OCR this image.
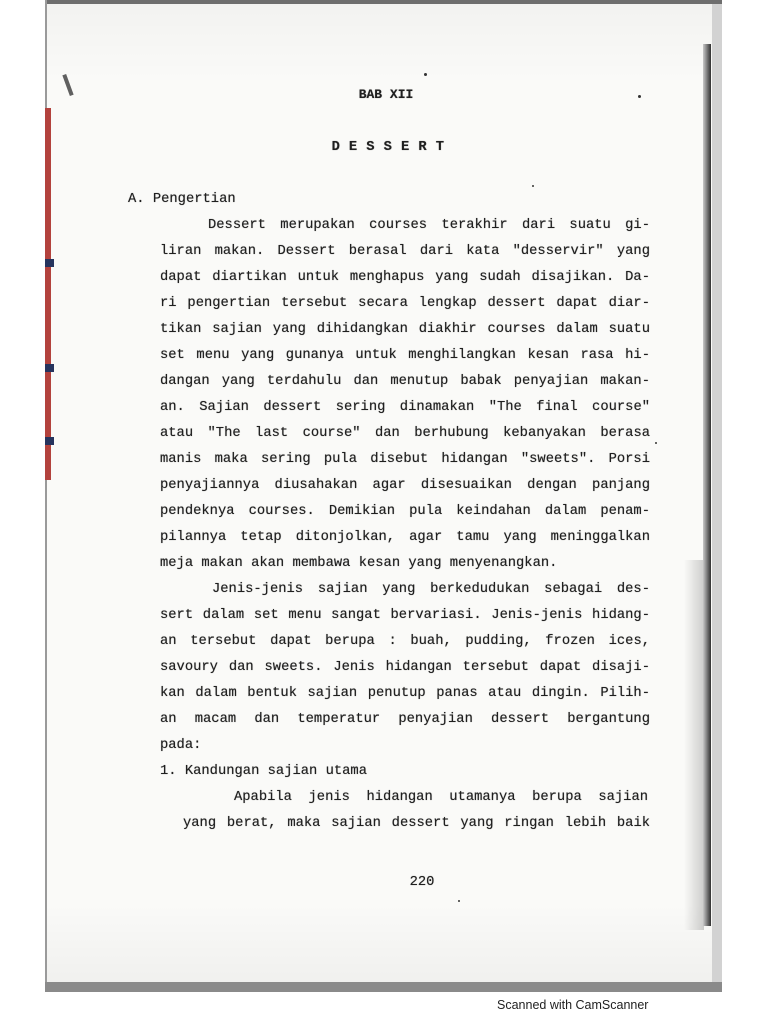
BAB XII
D E S S E R T
A. Pengertian
Dessert merupakan courses terakhir dari suatu gi-
liran makan. Dessert berasal dari kata "desservir" yang
dapat diartikan untuk menghapus yang sudah disajikan. Da-
ri pengertian tersebut secara lengkap dessert dapat diar-
tikan sajian yang dihidangkan diakhir courses dalam suatu
set menu yang gunanya untuk menghilangkan kesan rasa hi-
dangan yang terdahulu dan menutup babak penyajian makan-
an. Sajian dessert sering dinamakan "The final course"
atau "The last course" dan berhubung kebanyakan berasa
manis maka sering pula disebut hidangan "sweets". Porsi
penyajiannya diusahakan agar disesuaikan dengan panjang
pendeknya courses. Demikian pula keindahan dalam penam-
pilannya tetap ditonjolkan, agar tamu yang meninggalkan
meja makan akan membawa kesan yang menyenangkan.
Jenis-jenis sajian yang berkedudukan sebagai des-
sert dalam set menu sangat bervariasi. Jenis-jenis hidang-
an tersebut dapat berupa : buah, pudding, frozen ices,
savoury dan sweets. Jenis hidangan tersebut dapat disaji-
kan dalam bentuk sajian penutup panas atau dingin. Pilih-
an macam dan temperatur penyajian dessert bergantung
pada:
1. Kandungan sajian utama
Apabila jenis hidangan utamanya berupa sajian
yang berat, maka sajian dessert yang ringan lebih baik
220
Scanned with CamScanner
